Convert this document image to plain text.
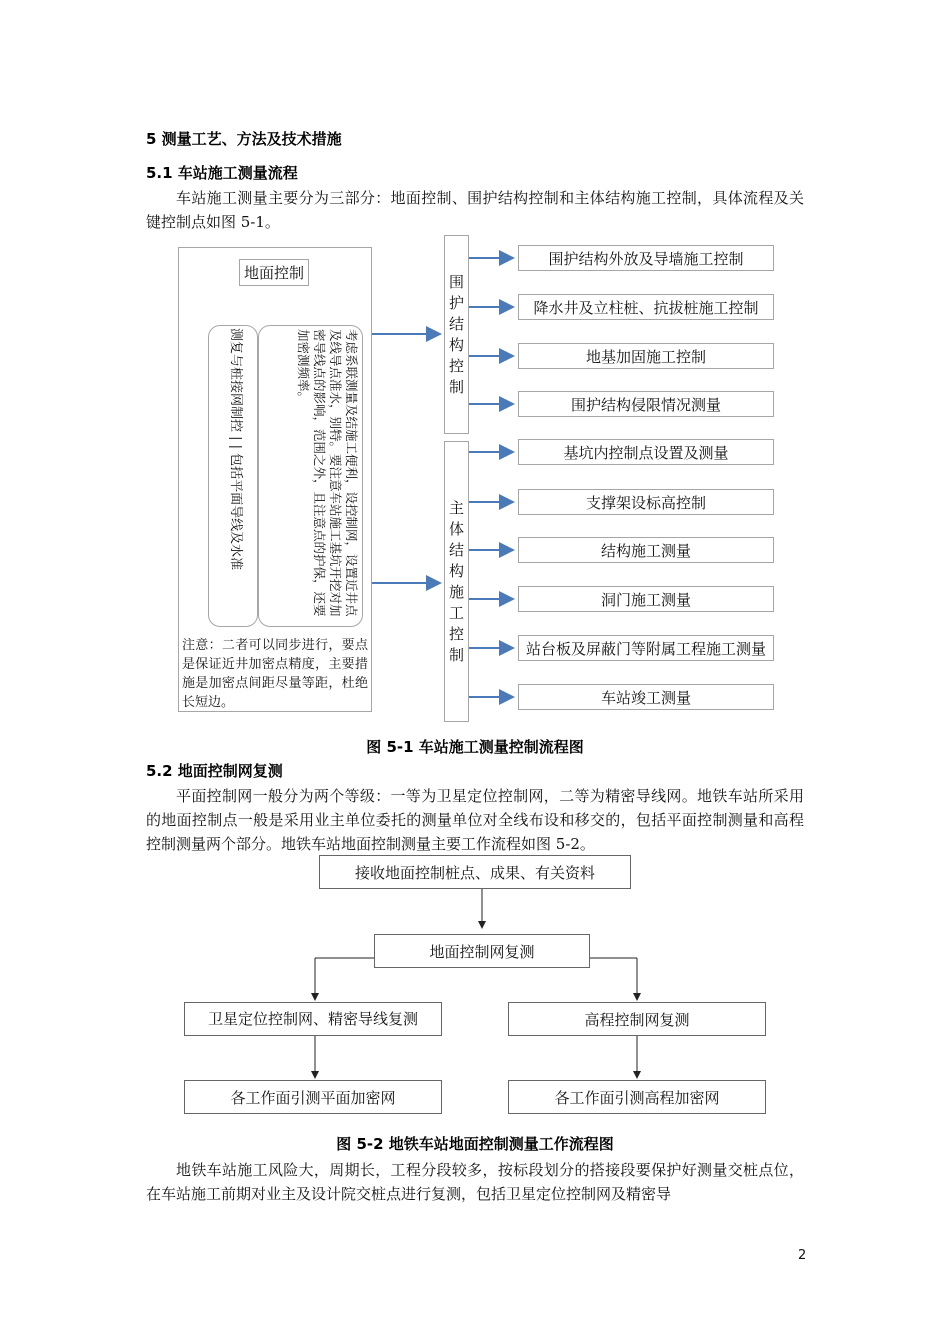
5 测量工艺、方法及技术措施
5.1 车站施工测量流程
车站施工测量主要分为三部分：地面控制、围护结构控制和主体结构施工控制，具体流程及关键控制点如图 5-1。
地面控制
测复与桩接网制控 | | 包括平面导线及水准	考虑系联测量及结施工便利，设控制网，设置近井点及线导点准水，别特。要注意车站施工基坑开挖对加密导线点的影响，范围之外，且注意点的护保，还要加密测频率。
注意：二者可以同步进行，要点是保证近井加密点精度，主要措施是加密点间距尽量等距，杜绝长短边。
围护结构控制
围护结构外放及导墙施工控制
降水井及立柱桩、抗拔桩施工控制
地基加固施工控制
围护结构侵限情况测量
主体结构施工控制
基坑内控制点设置及测量
支撑架设标高控制
结构施工测量
洞门施工测量
站台板及屏蔽门等附属工程施工测量
车站竣工测量
图 5-1 车站施工测量控制流程图
5.2 地面控制网复测
平面控制网一般分为两个等级：一等为卫星定位控制网，二等为精密导线网。地铁车站所采用的地面控制点一般是采用业主单位委托的测量单位对全线布设和移交的，包括平面控制测量和高程控制测量两个部分。地铁车站地面控制测量主要工作流程如图 5-2。
接收地面控制桩点、成果、有关资料
地面控制网复测
卫星定位控制网、精密导线复测	高程控制网复测
各工作面引测平面加密网	各工作面引测高程加密网
图 5-2 地铁车站地面控制测量工作流程图
地铁车站施工风险大，周期长，工程分段较多，按标段划分的搭接段要保护好测量交桩点位，在车站施工前期对业主及设计院交桩点进行复测，包括卫星定位控制网及精密导
2
